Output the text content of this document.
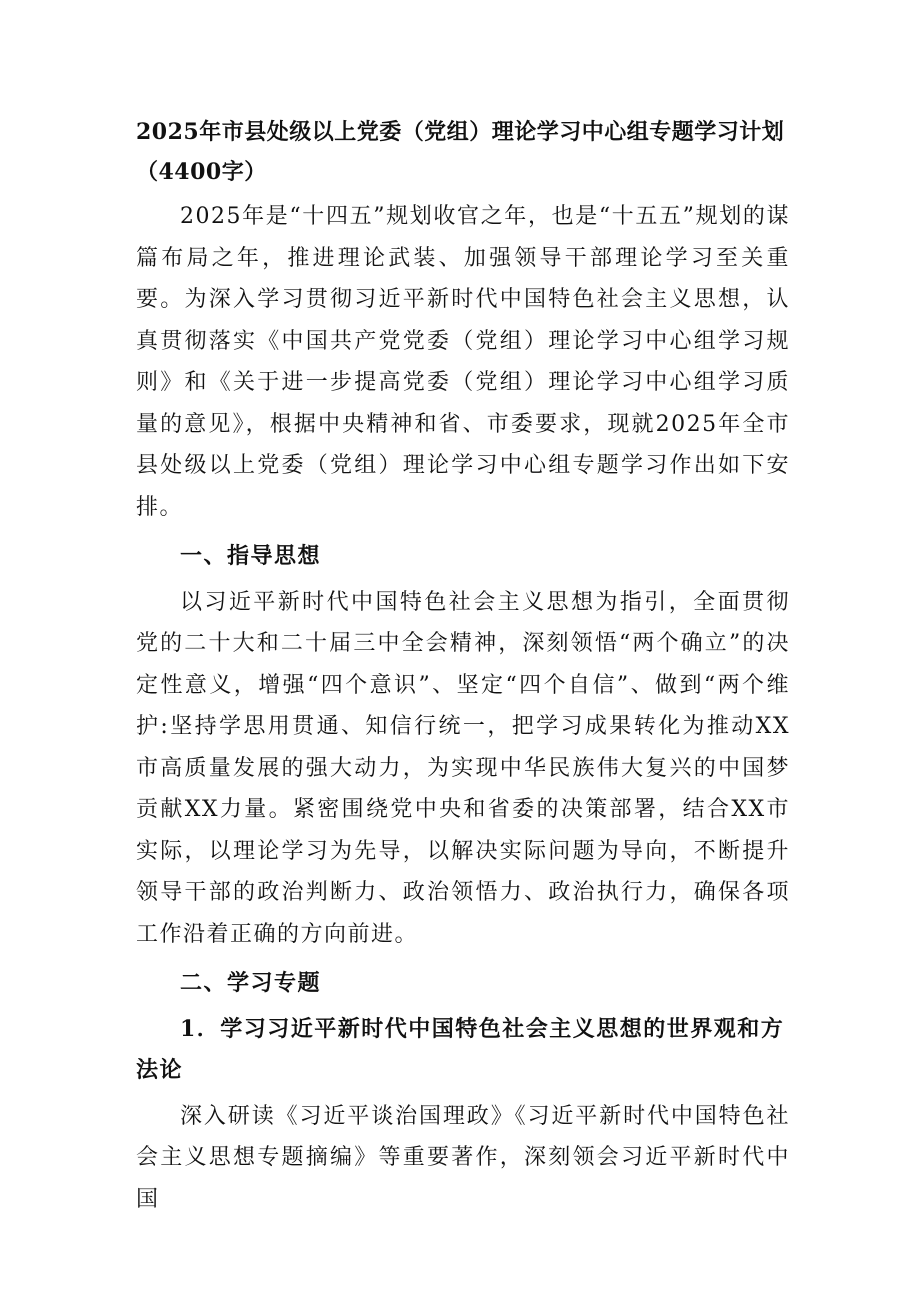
2025年市县处级以上党委（党组）理论学习中心组专题学习计划（4400字）

2025年是“十四五”规划收官之年，也是“十五五”规划的谋篇布局之年，推进理论武装、加强领导干部理论学习至关重要。为深入学习贯彻习近平新时代中国特色社会主义思想，认真贯彻落实《中国共产党党委（党组）理论学习中心组学习规则》和《关于进一步提高党委（党组）理论学习中心组学习质量的意见》，根据中央精神和省、市委要求，现就2025年全市县处级以上党委（党组）理论学习中心组专题学习作出如下安排。

一、指导思想

以习近平新时代中国特色社会主义思想为指引，全面贯彻党的二十大和二十届三中全会精神，深刻领悟“两个确立”的决定性意义，增强“四个意识”、坚定“四个自信”、做到“两个维护:坚持学思用贯通、知信行统一，把学习成果转化为推动XX市高质量发展的强大动力，为实现中华民族伟大复兴的中国梦贡献XX力量。紧密围绕党中央和省委的决策部署，结合XX市实际，以理论学习为先导，以解决实际问题为导向，不断提升领导干部的政治判断力、政治领悟力、政治执行力，确保各项工作沿着正确的方向前进。

二、学习专题

1．学习习近平新时代中国特色社会主义思想的世界观和方法论

深入研读《习近平谈治国理政》《习近平新时代中国特色社会主义思想专题摘编》等重要著作，深刻领会习近平新时代中国
